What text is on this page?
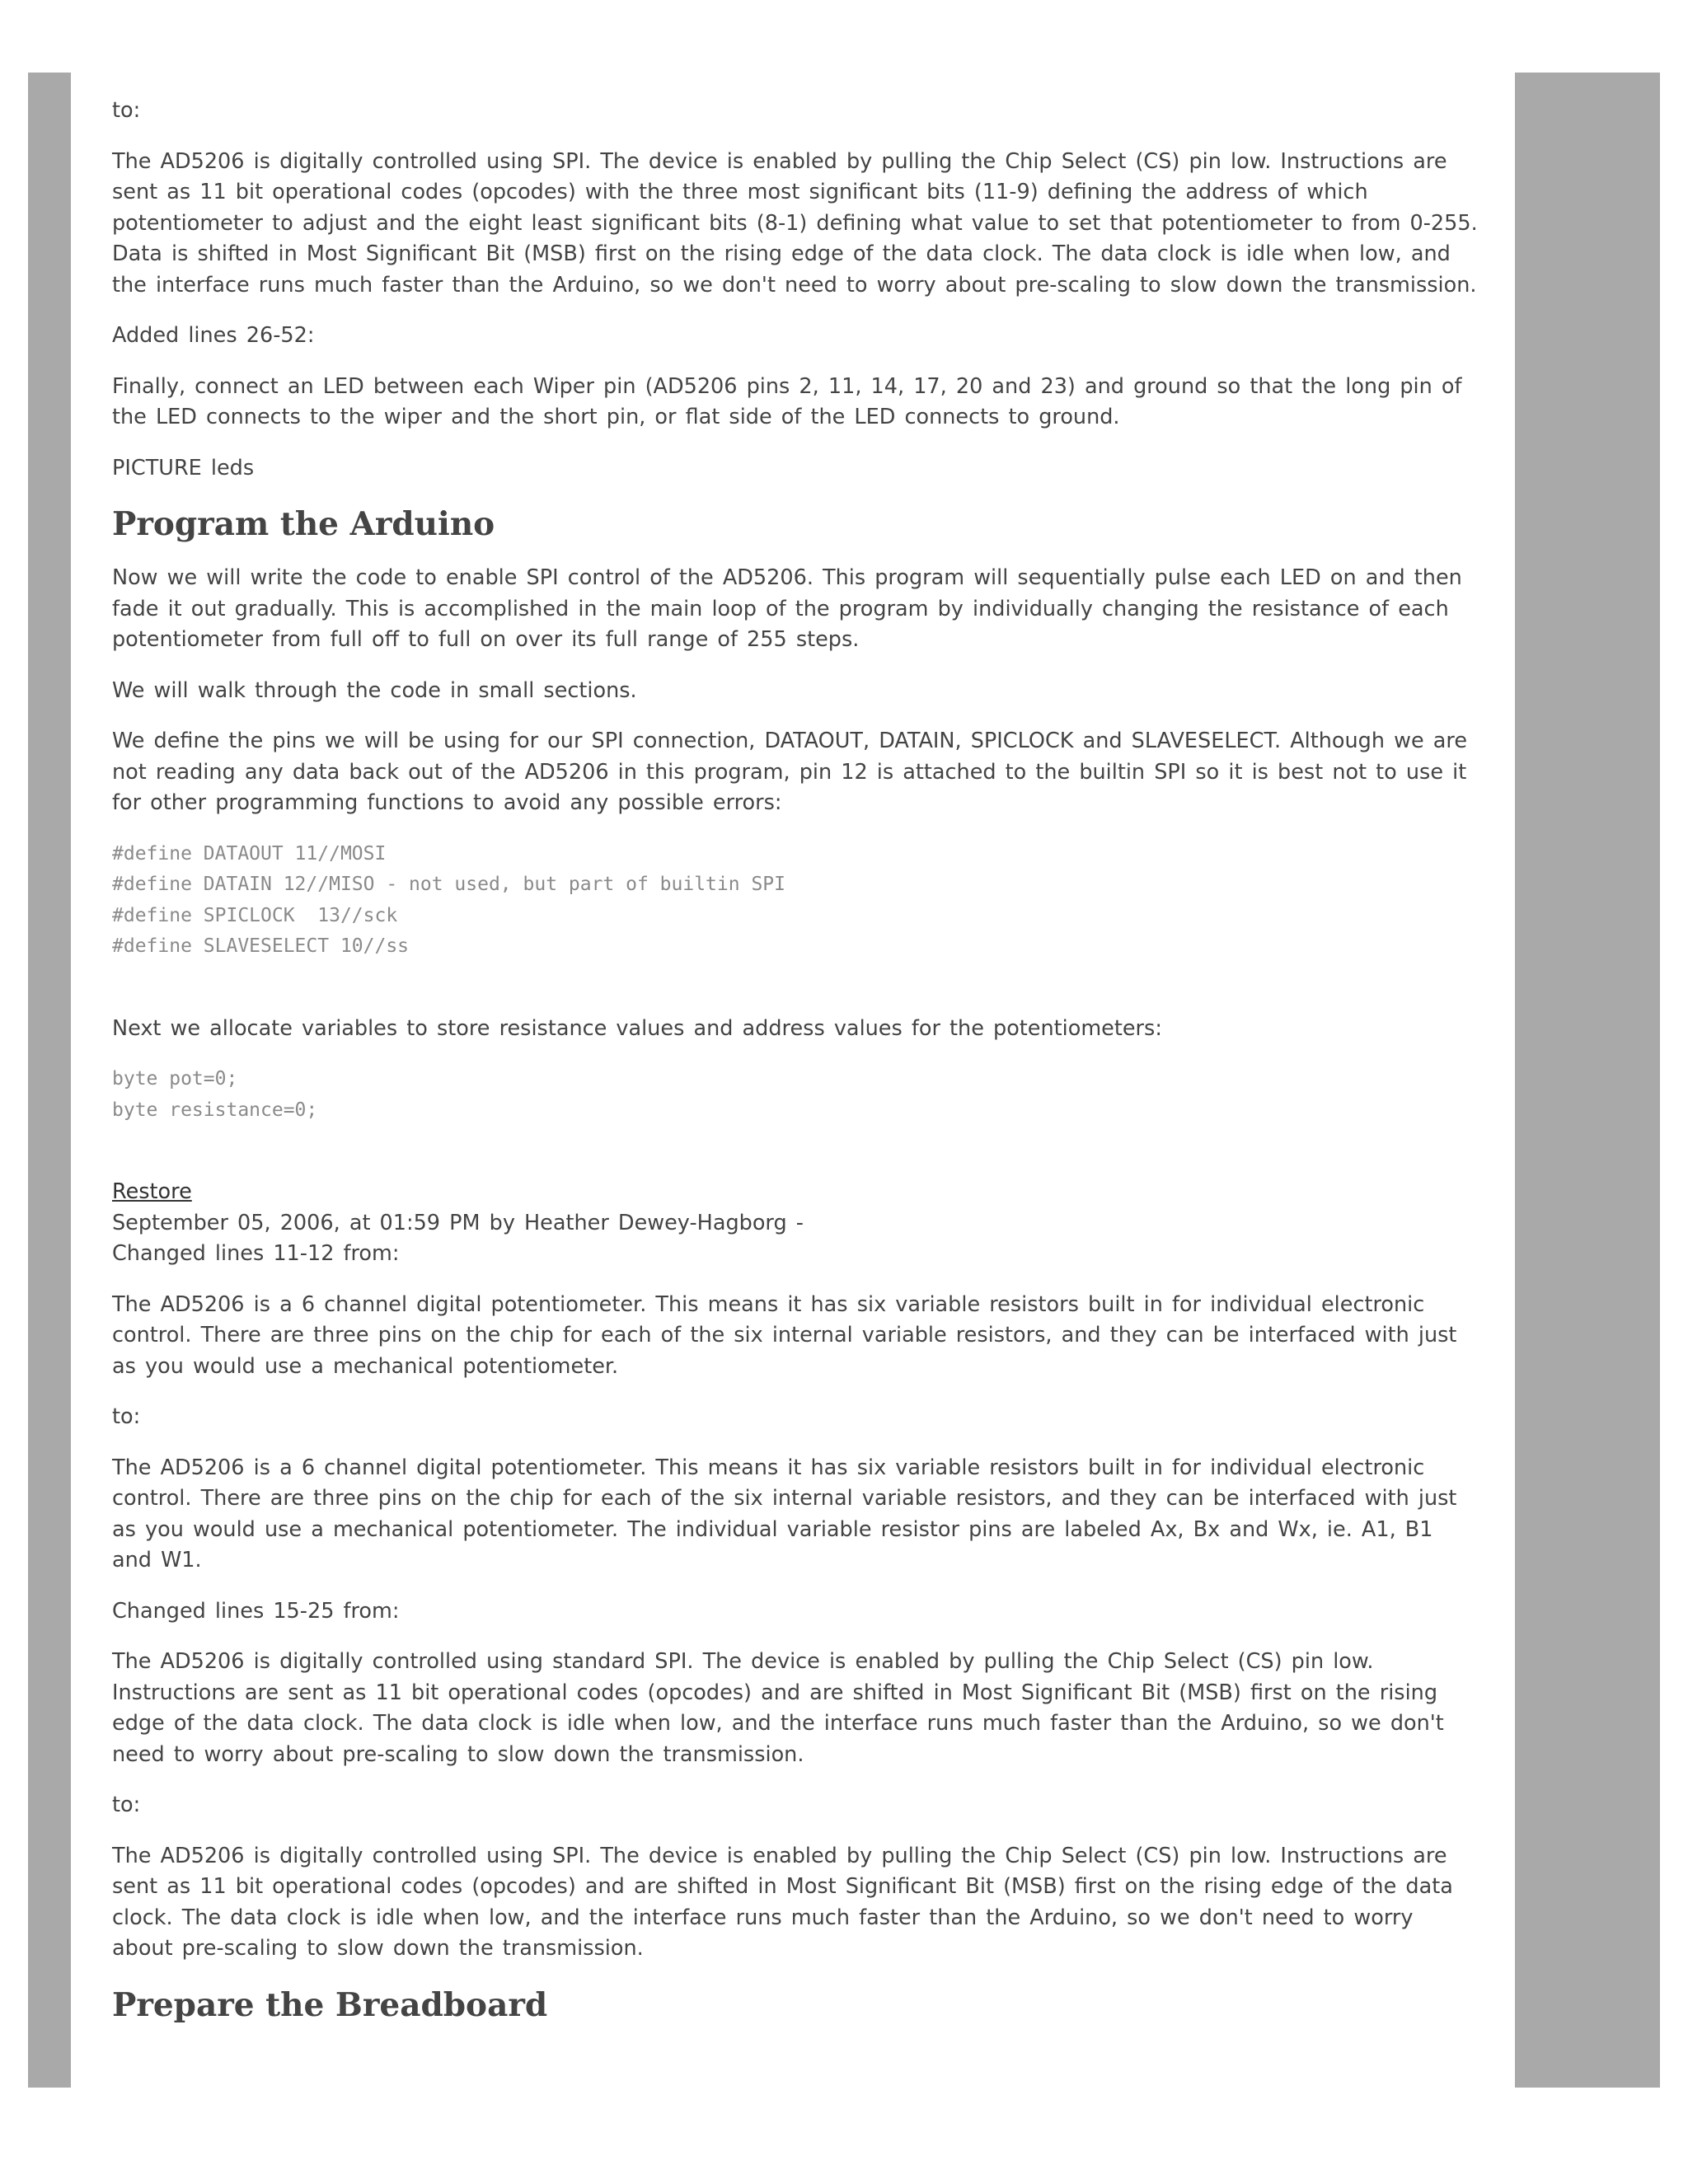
to:

The AD5206 is digitally controlled using SPI. The device is enabled by pulling the Chip Select (CS) pin low. Instructions are sent as 11 bit operational codes (opcodes) with the three most significant bits (11-9) defining the address of which potentiometer to adjust and the eight least significant bits (8-1) defining what value to set that potentiometer to from 0-255. Data is shifted in Most Significant Bit (MSB) first on the rising edge of the data clock. The data clock is idle when low, and the interface runs much faster than the Arduino, so we don't need to worry about pre-scaling to slow down the transmission.

Added lines 26-52:

Finally, connect an LED between each Wiper pin (AD5206 pins 2, 11, 14, 17, 20 and 23) and ground so that the long pin of the LED connects to the wiper and the short pin, or flat side of the LED connects to ground.

PICTURE leds

Program the Arduino

Now we will write the code to enable SPI control of the AD5206. This program will sequentially pulse each LED on and then fade it out gradually. This is accomplished in the main loop of the program by individually changing the resistance of each potentiometer from full off to full on over its full range of 255 steps.

We will walk through the code in small sections.

We define the pins we will be using for our SPI connection, DATAOUT, DATAIN, SPICLOCK and SLAVESELECT. Although we are not reading any data back out of the AD5206 in this program, pin 12 is attached to the builtin SPI so it is best not to use it for other programming functions to avoid any possible errors:

#define DATAOUT 11//MOSI
#define DATAIN 12//MISO - not used, but part of builtin SPI
#define SPICLOCK  13//sck
#define SLAVESELECT 10//ss

Next we allocate variables to store resistance values and address values for the potentiometers:

byte pot=0;
byte resistance=0;
Restore
September 05, 2006, at 01:59 PM by Heather Dewey-Hagborg -
Changed lines 11-12 from:

The AD5206 is a 6 channel digital potentiometer. This means it has six variable resistors built in for individual electronic control. There are three pins on the chip for each of the six internal variable resistors, and they can be interfaced with just as you would use a mechanical potentiometer.

to:

The AD5206 is a 6 channel digital potentiometer. This means it has six variable resistors built in for individual electronic control. There are three pins on the chip for each of the six internal variable resistors, and they can be interfaced with just as you would use a mechanical potentiometer. The individual variable resistor pins are labeled Ax, Bx and Wx, ie. A1, B1 and W1.

Changed lines 15-25 from:

The AD5206 is digitally controlled using standard SPI. The device is enabled by pulling the Chip Select (CS) pin low. Instructions are sent as 11 bit operational codes (opcodes) and are shifted in Most Significant Bit (MSB) first on the rising edge of the data clock. The data clock is idle when low, and the interface runs much faster than the Arduino, so we don't need to worry about pre-scaling to slow down the transmission.

to:

The AD5206 is digitally controlled using SPI. The device is enabled by pulling the Chip Select (CS) pin low. Instructions are sent as 11 bit operational codes (opcodes) and are shifted in Most Significant Bit (MSB) first on the rising edge of the data clock. The data clock is idle when low, and the interface runs much faster than the Arduino, so we don't need to worry about pre-scaling to slow down the transmission.

Prepare the Breadboard
